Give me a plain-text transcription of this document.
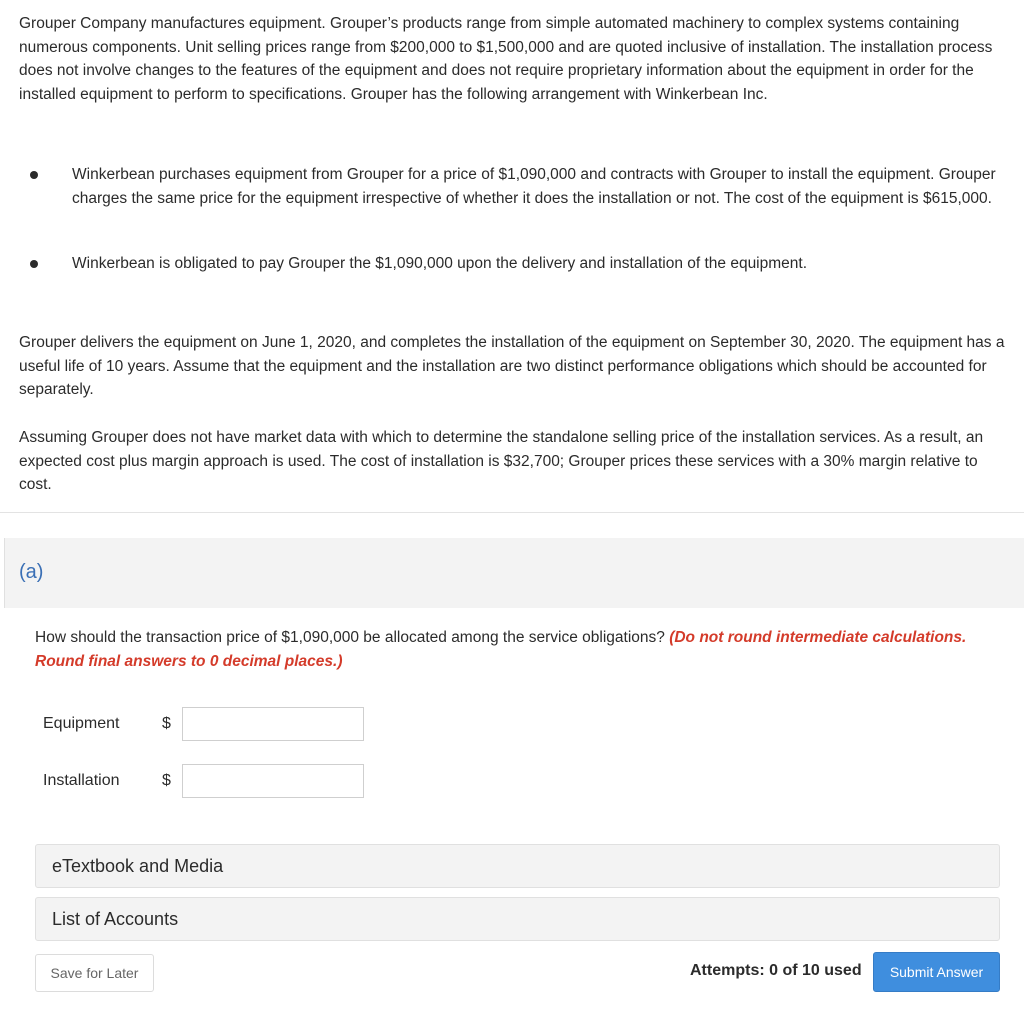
Grouper Company manufactures equipment. Grouper’s products range from simple automated machinery to complex systems containing numerous components. Unit selling prices range from $200,000 to $1,500,000 and are quoted inclusive of installation. The installation process does not involve changes to the features of the equipment and does not require proprietary information about the equipment in order for the installed equipment to perform to specifications. Grouper has the following arrangement with Winkerbean Inc.

Winkerbean purchases equipment from Grouper for a price of $1,090,000 and contracts with Grouper to install the equipment. Grouper charges the same price for the equipment irrespective of whether it does the installation or not. The cost of the equipment is $615,000.

Winkerbean is obligated to pay Grouper the $1,090,000 upon the delivery and installation of the equipment.

Grouper delivers the equipment on June 1, 2020, and completes the installation of the equipment on September 30, 2020. The equipment has a useful life of 10 years. Assume that the equipment and the installation are two distinct performance obligations which should be accounted for separately.

Assuming Grouper does not have market data with which to determine the standalone selling price of the installation services. As a result, an expected cost plus margin approach is used. The cost of installation is $32,700; Grouper prices these services with a 30% margin relative to cost.

(a)

How should the transaction price of $1,090,000 be allocated among the service obligations? (Do not round intermediate calculations. Round final answers to 0 decimal places.)

Equipment	$
Installation	$
eTextbook and Media
List of Accounts
Save for Later	Attempts: 0 of 10 used	Submit Answer
